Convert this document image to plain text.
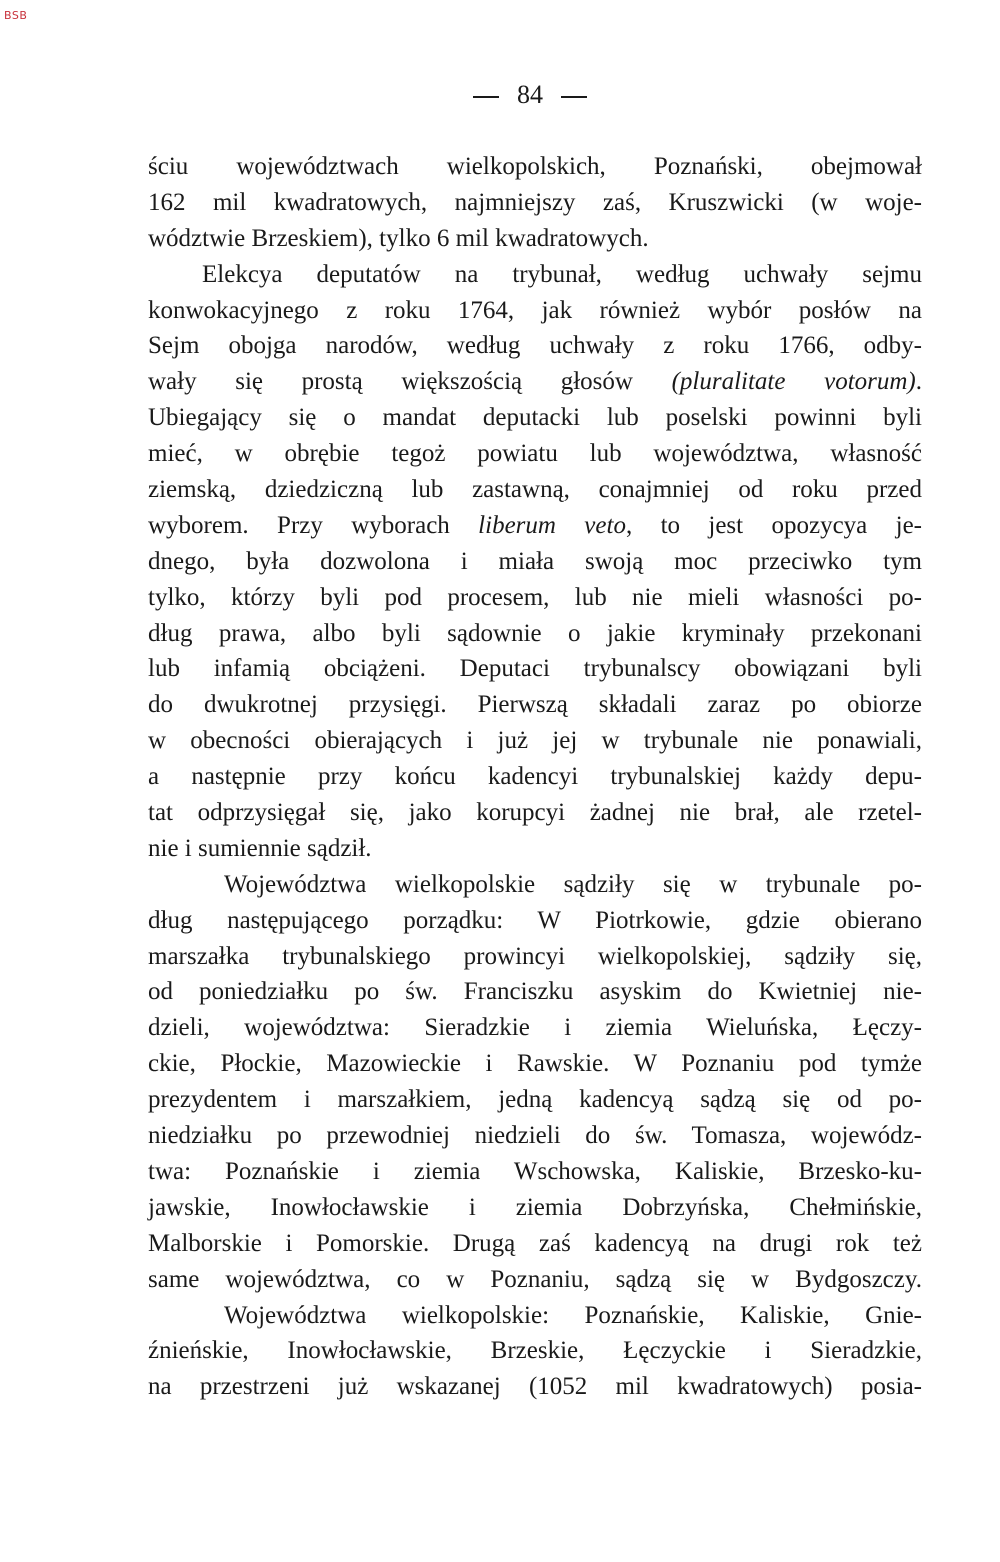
BSB
84
ściu województwach wielkopolskich, Poznański, obejmował
162 mil kwadratowych, najmniejszy zaś, Kruszwicki (w woje-
wództwie Brzeskiem), tylko 6 mil kwadratowych.
Elekcya deputatów na trybunał, według uchwały sejmu
konwokacyjnego z roku 1764, jak również wybór posłów na
Sejm obojga narodów, według uchwały z roku 1766, odby-
wały się prostą większością głosów (pluralitate votorum).
Ubiegający się o mandat deputacki lub poselski powinni byli
mieć, w obrębie tegoż powiatu lub województwa, własność
ziemską, dziedziczną lub zastawną, conajmniej od roku przed
wyborem. Przy wyborach liberum veto, to jest opozycya je-
dnego, była dozwolona i miała swoją moc przeciwko tym
tylko, którzy byli pod procesem, lub nie mieli własności po-
dług prawa, albo byli sądownie o jakie kryminały przekonani
lub infamią obciążeni. Deputaci trybunalscy obowiązani byli
do dwukrotnej przysięgi. Pierwszą składali zaraz po obiorze
w obecności obierających i już jej w trybunale nie ponawiali,
a następnie przy końcu kadencyi trybunalskiej każdy depu-
tat odprzysięgał się, jako korupcyi żadnej nie brał, ale rzetel-
nie i sumiennie sądził.
Województwa wielkopolskie sądziły się w trybunale po-
dług następującego porządku: W Piotrkowie, gdzie obierano
marszałka trybunalskiego prowincyi wielkopolskiej, sądziły się,
od poniedziałku po św. Franciszku asyskim do Kwietniej nie-
dzieli, województwa: Sieradzkie i ziemia Wieluńska, Łęczy-
ckie, Płockie, Mazowieckie i Rawskie. W Poznaniu pod tymże
prezydentem i marszałkiem, jedną kadencyą sądzą się od po-
niedziałku po przewodniej niedzieli do św. Tomasza, wojewódz-
twa: Poznańskie i ziemia Wschowska, Kaliskie, Brzesko-ku-
jawskie, Inowłocławskie i ziemia Dobrzyńska, Chełmińskie,
Malborskie i Pomorskie. Drugą zaś kadencyą na drugi rok też
same województwa, co w Poznaniu, sądzą się w Bydgoszczy.
Województwa wielkopolskie: Poznańskie, Kaliskie, Gnie-
źnieńskie, Inowłocławskie, Brzeskie, Łęczyckie i Sieradzkie,
na przestrzeni już wskazanej (1052 mil kwadratowych) posia-
